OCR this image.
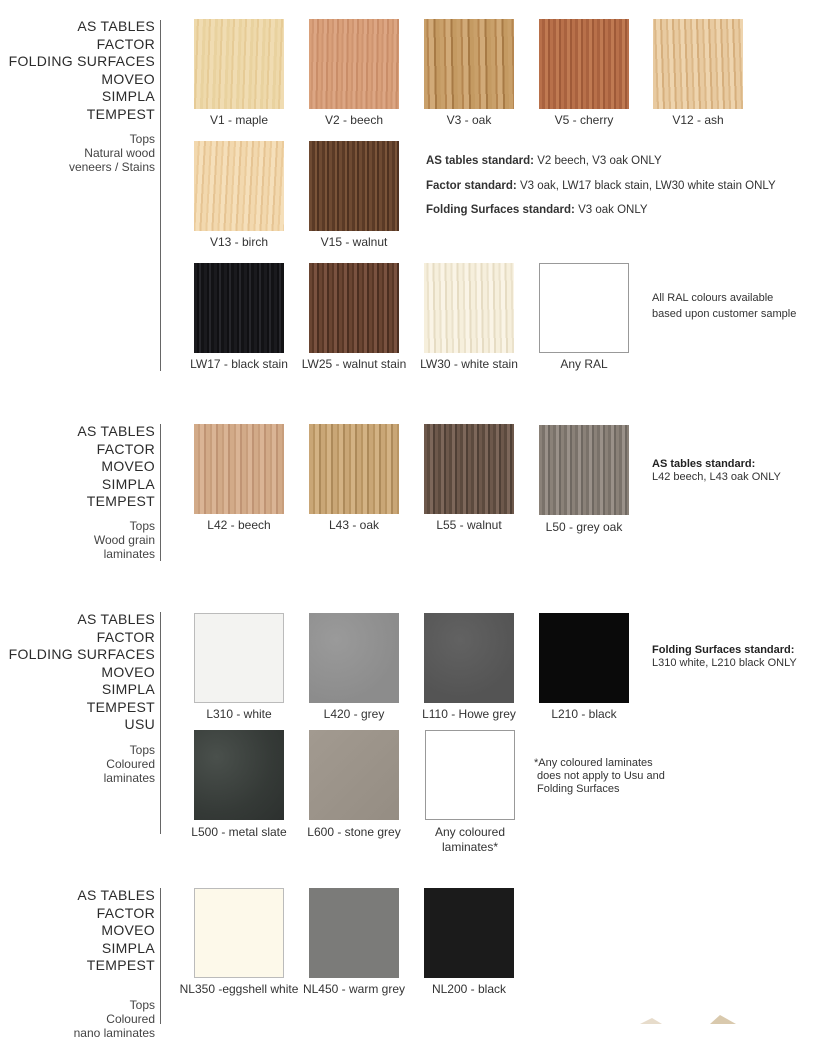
AS TABLES
FACTOR
FOLDING SURFACES
MOVEO
SIMPLA
TEMPEST
Tops
Natural wood
veneers / Stains
V1 - maple	V2 - beech	V3 - oak	V5 - cherry	V12 - ash
V13 - birch	V15 - walnut
AS tables standard: V2 beech, V3 oak ONLY
Factor standard: V3 oak, LW17 black stain, LW30 white stain ONLY
Folding Surfaces standard: V3 oak ONLY
LW17 - black stain	LW25 - walnut stain	LW30 - white stain	Any RAL
All RAL colours available
based upon customer sample
AS TABLES
FACTOR
MOVEO
SIMPLA
TEMPEST
Tops
Wood grain
laminates
L42 - beech	L43 - oak	L55 - walnut	L50 - grey oak
AS tables standard:
L42 beech, L43 oak ONLY
AS TABLES
FACTOR
FOLDING SURFACES
MOVEO
SIMPLA
TEMPEST
USU
Tops
Coloured
laminates
L310 - white	L420 - grey	L110 - Howe grey	L210 - black
Folding Surfaces standard:
L310 white, L210 black ONLY
L500 - metal slate	L600 - stone grey	Any coloured
laminates*
*Any coloured laminates
does not apply to Usu and
Folding Surfaces
AS TABLES
FACTOR
MOVEO
SIMPLA
TEMPEST
Tops
Coloured
nano laminates
NL350 -eggshell white NL450 - warm grey	NL200 - black
